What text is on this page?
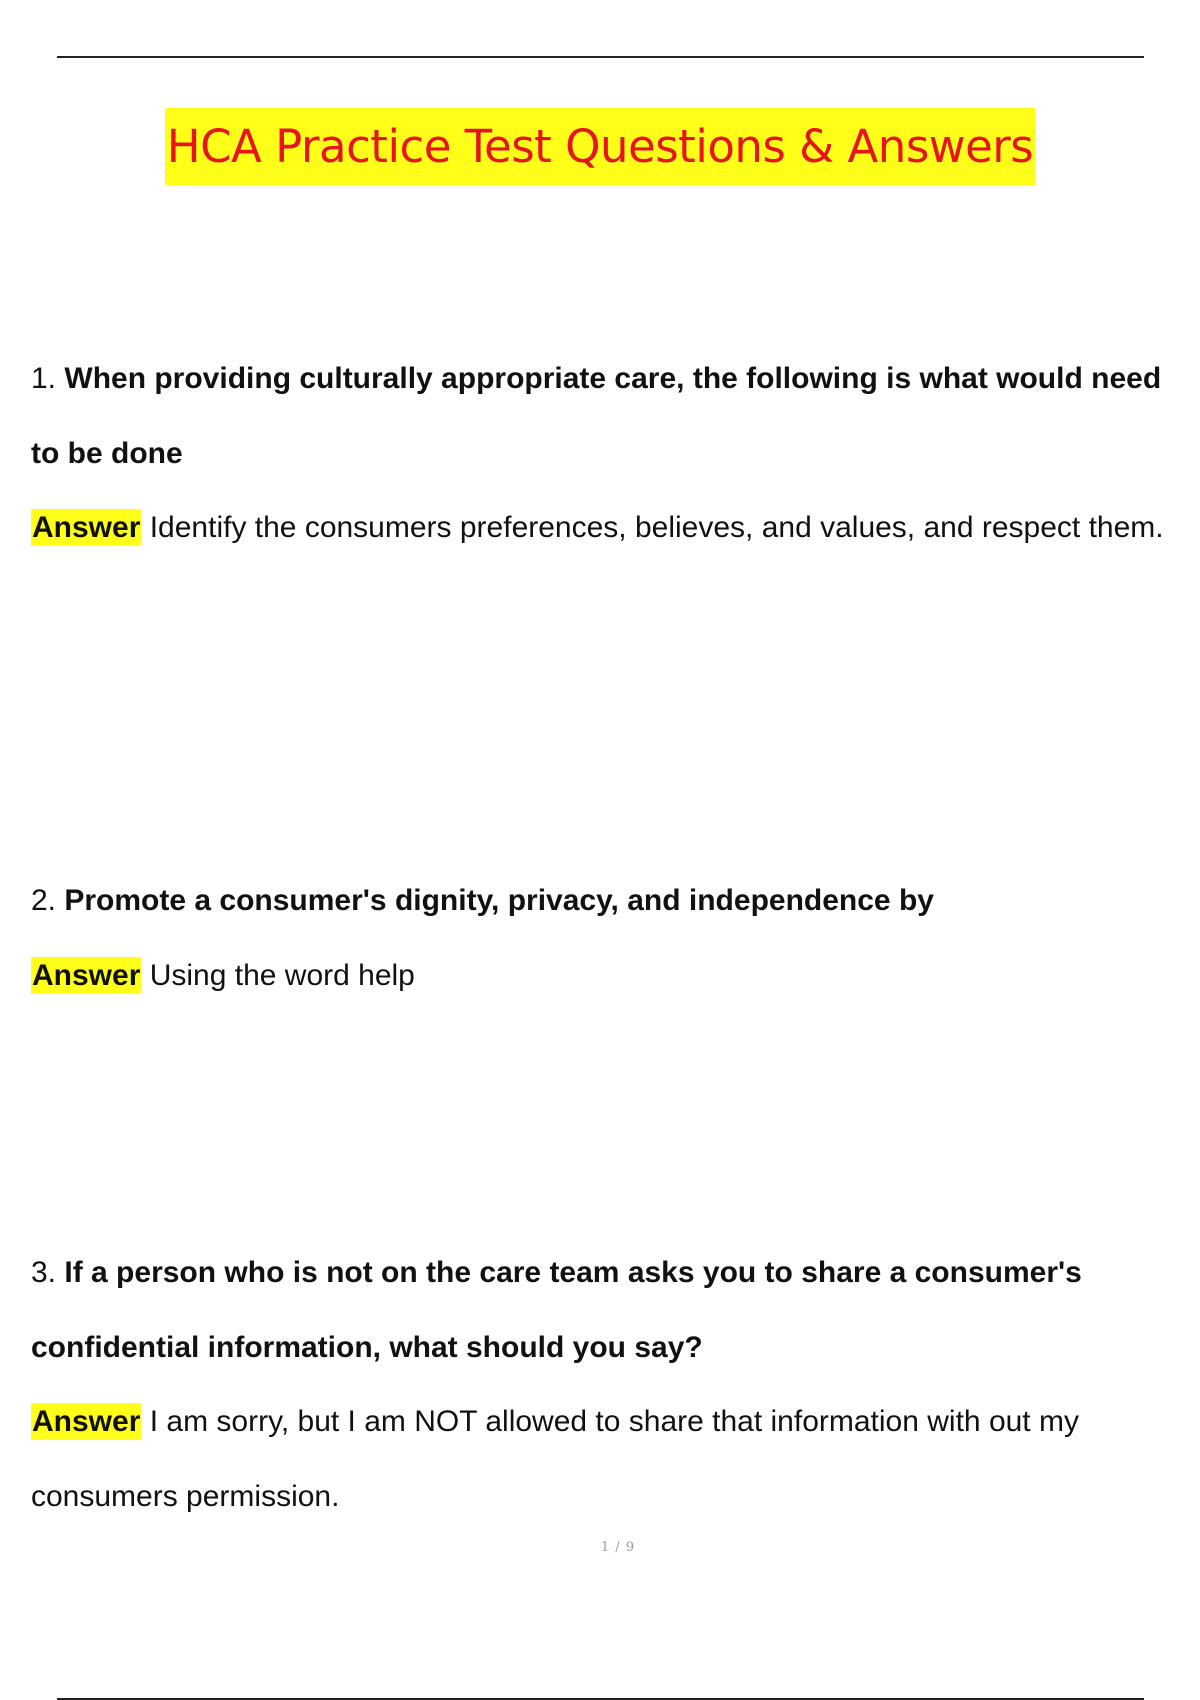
HCA Practice Test Questions & Answers

1. When providing culturally appropriate care, the following is what would need to be done

Answer Identify the consumers preferences, believes, and values, and respect them.

2. Promote a consumer's dignity, privacy, and independence by

Answer Using the word help

3. If a person who is not on the care team asks you to share a consumer's confidential information, what should you say?

Answer I am sorry, but I am NOT allowed to share that information with out my consumers permission.

1 / 9
